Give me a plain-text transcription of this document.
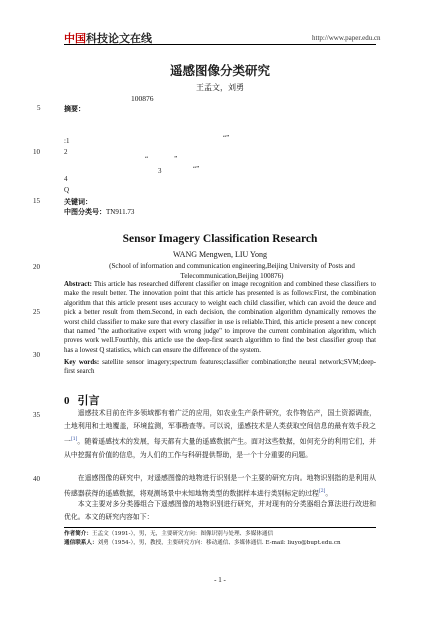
中国科技论文在线	http://www.paper.edu.cn
遥感图像分类研究
王孟文，刘勇
100876
5	摘要：
:1	“”
10	2
“”
3	“”
4
Q
15	关键词：
中图分类号：TN911.73
Sensor Imagery Classification Research
WANG Mengwen, LIU Yong
20	(School of information and communication engineering,Beijing University of Posts and Telecommunication,Beijing 100876)
Abstract: This article has researched different classifier on image recognition and combined these classifiers to make the result better. The innovation point that this article has presented is as follows:First, the combination algorithm that this article present uses accuracy to weight each child classifier, which can avoid the deuce and pick a better result from them.Second, in each decision, the combination algorithm dynamically removes the worst child classifier to make sure that every classifier in use is reliable.Third, this article present a new concept that named "the authoritative expert with wrong judge" to improve the current combination algorithm, which proves work well.Fourthly, this article use the deep-first search algorithm to find the best classifier group that has a lowest Q statistics, which can ensure the difference of the system.
25
30
Key words: satellite sensor imagery;spectrum features;classifier combination;the neural network;SVM;deep-first search
0 引言
35	遥感技术目前在许多领域都有着广泛的应用，如农业生产条件研究，农作物估产，国土资源调查，土地利用和土地覆盖，环境监测，军事勘查等。可以说，遥感技术是人类获取空间信息的最有效手段之一[1]。随着遥感技术的发展，每天都有大量的遥感数据产生。面对这些数据，如何充分的利用它们，并从中挖掘有价值的信息，为人们的工作与科研提供帮助，是一个十分重要的问题。
40	在遥感图像的研究中，对遥感图像的地物进行识别是一个主要的研究方向。地物识别指的是利用从传感器获得的遥感数据，将观测场景中未知地物类型的数据样本进行类别标定的过程[2]。
本文主要对多分类器组合下遥感图像的地物识别进行研究，并对现有的分类器组合算法进行改进和优化。本文的研究内容如下：
作者简介：王孟文（1991-），男，无，主要研究方向：图像识别与处理、多媒体通信
通信联系人：刘勇（1954-），男，教授，主要研究方向：移动通信、多媒体通信. E-mail: liuyo@bupt.edu.cn
- 1 -
